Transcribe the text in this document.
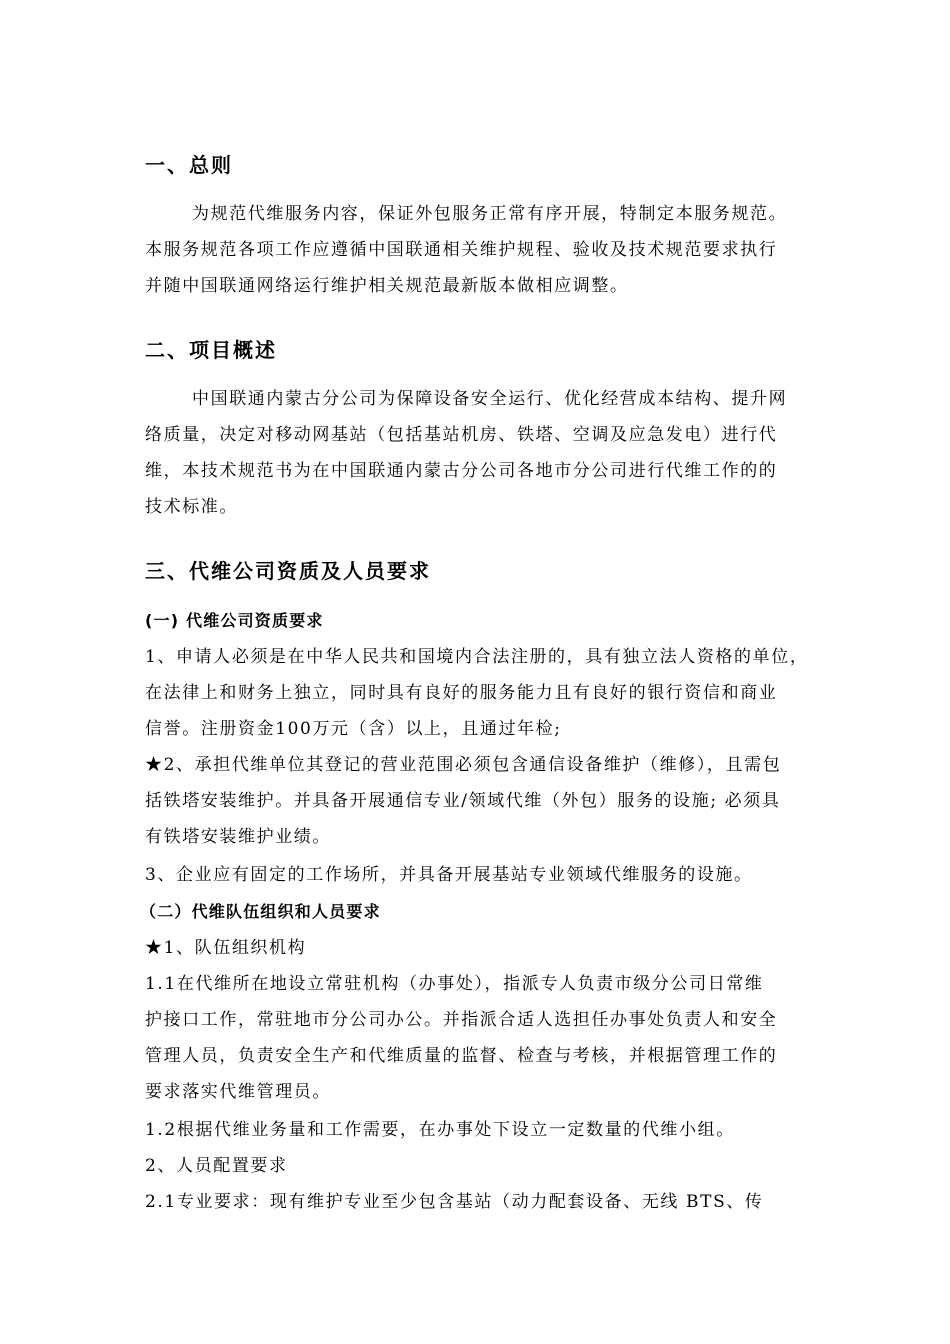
一、总则
为规范代维服务内容，保证外包服务正常有序开展，特制定本服务规范。
本服务规范各项工作应遵循中国联通相关维护规程、验收及技术规范要求执行
并随中国联通网络运行维护相关规范最新版本做相应调整。
二、项目概述
中国联通内蒙古分公司为保障设备安全运行、优化经营成本结构、提升网
络质量，决定对移动网基站（包括基站机房、铁塔、空调及应急发电）进行代
维，本技术规范书为在中国联通内蒙古分公司各地市分公司进行代维工作的的
技术标准。
三、代维公司资质及人员要求
(一) 代维公司资质要求
1、申请人必须是在中华人民共和国境内合法注册的，具有独立法人资格的单位，
在法律上和财务上独立，同时具有良好的服务能力且有良好的银行资信和商业
信誉。注册资金100万元（含）以上，且通过年检;
★2、承担代维单位其登记的营业范围必须包含通信设备维护（维修），且需包
括铁塔安装维护。并具备开展通信专业/领域代维（外包）服务的设施; 必须具
有铁塔安装维护业绩。
3、企业应有固定的工作场所，并具备开展基站专业领域代维服务的设施。
（二）代维队伍组织和人员要求
★1、队伍组织机构
1.1在代维所在地设立常驻机构（办事处），指派专人负责市级分公司日常维
护接口工作，常驻地市分公司办公。并指派合适人选担任办事处负责人和安全
管理人员，负责安全生产和代维质量的监督、检查与考核，并根据管理工作的
要求落实代维管理员。
1.2根据代维业务量和工作需要，在办事处下设立一定数量的代维小组。
2、人员配置要求
2.1专业要求：现有维护专业至少包含基站（动力配套设备、无线 BTS、传
